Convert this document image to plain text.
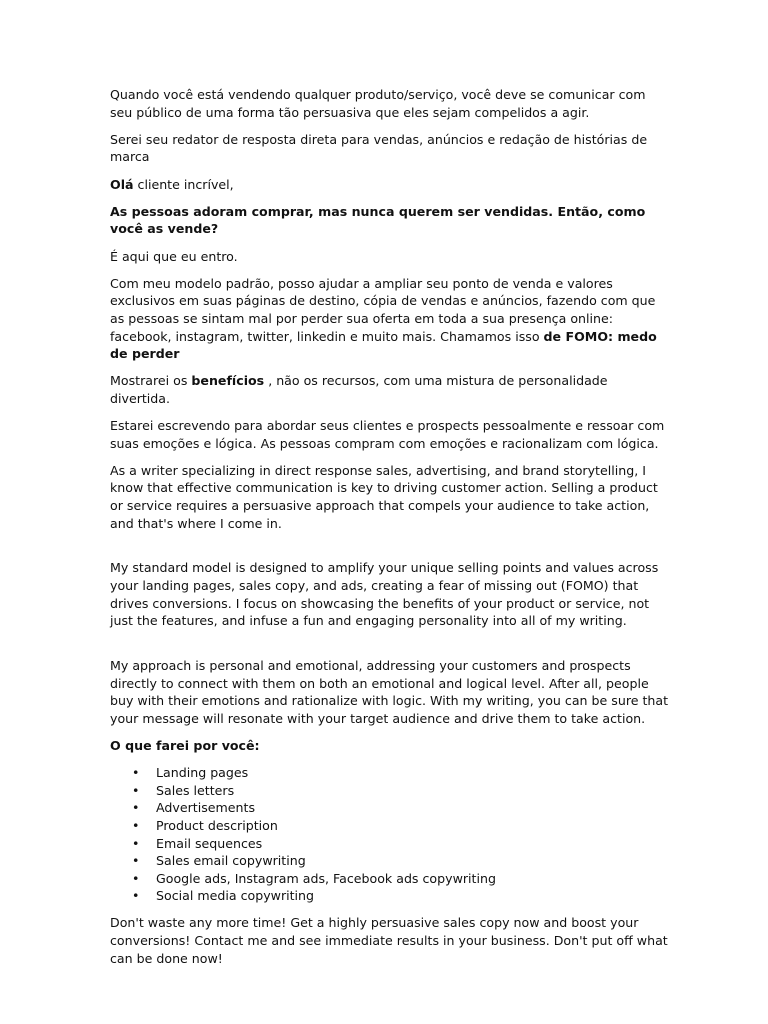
Quando você está vendendo qualquer produto/serviço, você deve se comunicar com seu público de uma forma tão persuasiva que eles sejam compelidos a agir.

Serei seu redator de resposta direta para vendas, anúncios e redação de histórias de marca

Olá cliente incrível,

As pessoas adoram comprar, mas nunca querem ser vendidas. Então, como você as vende?

É aqui que eu entro.

Com meu modelo padrão, posso ajudar a ampliar seu ponto de venda e valores exclusivos em suas páginas de destino, cópia de vendas e anúncios, fazendo com que as pessoas se sintam mal por perder sua oferta em toda a sua presença online: facebook, instagram, twitter, linkedin e muito mais. Chamamos isso de FOMO: medo de perder

Mostrarei os benefícios , não os recursos, com uma mistura de personalidade divertida.

Estarei escrevendo para abordar seus clientes e prospects pessoalmente e ressoar com suas emoções e lógica. As pessoas compram com emoções e racionalizam com lógica.

As a writer specializing in direct response sales, advertising, and brand storytelling, I know that effective communication is key to driving customer action. Selling a product or service requires a persuasive approach that compels your audience to take action, and that's where I come in.

My standard model is designed to amplify your unique selling points and values across your landing pages, sales copy, and ads, creating a fear of missing out (FOMO) that drives conversions. I focus on showcasing the benefits of your product or service, not just the features, and infuse a fun and engaging personality into all of my writing.

My approach is personal and emotional, addressing your customers and prospects directly to connect with them on both an emotional and logical level. After all, people buy with their emotions and rationalize with logic. With my writing, you can be sure that your message will resonate with your target audience and drive them to take action.

O que farei por você:

• Landing pages
• Sales letters
• Advertisements
• Product description
• Email sequences
• Sales email copywriting
• Google ads, Instagram ads, Facebook ads copywriting
• Social media copywriting

Don't waste any more time! Get a highly persuasive sales copy now and boost your conversions! Contact me and see immediate results in your business. Don't put off what can be done now!
